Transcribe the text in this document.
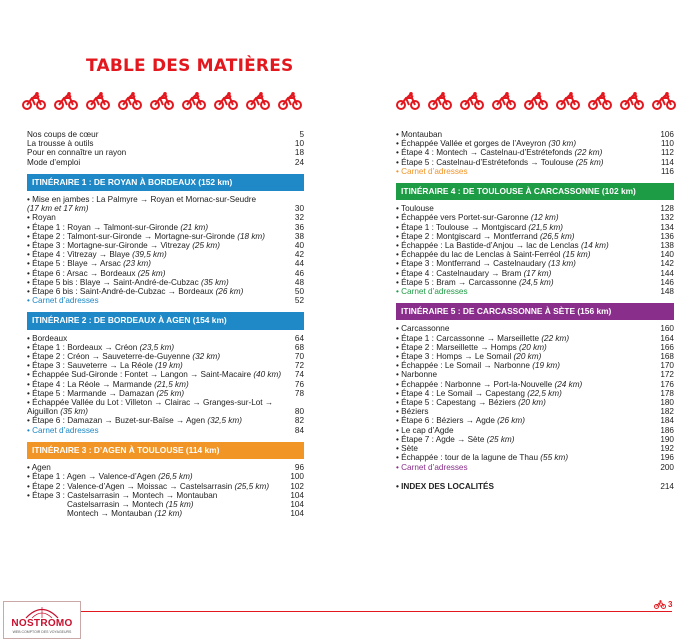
TABLE DES MATIÈRES
Nos coups de cœur	5
La trousse à outils	10
Pour en connaître un rayon	18
Mode d’emploi	24
ITINÉRAIRE 1 : DE ROYAN À BORDEAUX (152 km)
• Mise en jambes : La Palmyre → Royan et Mornac-sur-Seudre
(17 km et 17 km)	30
• Royan	32
• Étape 1 : Royan → Talmont-sur-Gironde (21 km)	36
• Étape 2 : Talmont-sur-Gironde → Mortagne-sur-Gironde (18 km)	38
• Étape 3 : Mortagne-sur-Gironde → Vitrezay (25 km)	40
• Étape 4 : Vitrezay → Blaye (39,5 km)	42
• Étape 5 : Blaye → Arsac (23 km)	44
• Étape 6 : Arsac → Bordeaux (25 km)	46
• Étape 5 bis : Blaye → Saint-André-de-Cubzac (35 km)	48
• Étape 6 bis : Saint-André-de-Cubzac → Bordeaux (26 km)	50
• Carnet d’adresses	52
ITINÉRAIRE 2 : DE BORDEAUX À AGEN (154 km)
• Bordeaux	64
• Étape 1 : Bordeaux → Créon (23,5 km)	68
• Étape 2 : Créon → Sauveterre-de-Guyenne (32 km)	70
• Étape 3 : Sauveterre → La Réole (19 km)	72
• Échappée Sud-Gironde : Fontet → Langon → Saint-Macaire (40 km)	74
• Étape 4 : La Réole → Marmande (21,5 km)	76
• Étape 5 : Marmande → Damazan (25 km)	78
• Échappée Vallée du Lot : Villeton → Clairac → Granges-sur-Lot →
Aiguillon (35 km)	80
• Étape 6 : Damazan → Buzet-sur-Baïse → Agen (32,5 km)	82
• Carnet d’adresses	84
ITINÉRAIRE 3 : D’AGEN À TOULOUSE (114 km)
• Agen	96
• Étape 1 : Agen → Valence-d’Agen (26,5 km)	100
• Étape 2 : Valence-d’Agen → Moissac → Castelsarrasin (25,5 km)	102
• Étape 3 : Castelsarrasin → Montech → Montauban	104
Castelsarrasin → Montech (15 km)	104
Montech → Montauban (12 km)	104
• Montauban	106
• Échappée Vallée et gorges de l’Aveyron (30 km)	110
• Étape 4 : Montech → Castelnau-d’Estrétefonds (22 km)	112
• Étape 5 : Castelnau-d’Estrétefonds → Toulouse (25 km)	114
• Carnet d’adresses	116
ITINÉRAIRE 4 : DE TOULOUSE À CARCASSONNE (102 km)
• Toulouse	128
• Échappée vers Portet-sur-Garonne (12 km)	132
• Étape 1 : Toulouse → Montgiscard (21,5 km)	134
• Étape 2 : Montgiscard → Montferrand (26,5 km)	136
• Échappée : La Bastide-d’Anjou → lac de Lenclas (14 km)	138
• Échappée du lac de Lenclas à Saint-Ferréol (15 km)	140
• Étape 3 : Montferrand → Castelnaudary (13 km)	142
• Étape 4 : Castelnaudary → Bram (17 km)	144
• Étape 5 : Bram → Carcassonne (24,5 km)	146
• Carnet d’adresses	148
ITINÉRAIRE 5 : DE CARCASSONNE À SÈTE (156 km)
• Carcassonne	160
• Étape 1 : Carcassonne → Marseillette (22 km)	164
• Étape 2 : Marseillette → Homps (20 km)	166
• Étape 3 : Homps → Le Somail (20 km)	168
• Échappée : Le Somail → Narbonne (19 km)	170
• Narbonne	172
• Échappée : Narbonne → Port-la-Nouvelle (24 km)	176
• Étape 4 : Le Somail → Capestang (22,5 km)	178
• Étape 5 : Capestang → Béziers (20 km)	180
• Béziers	182
• Étape 6 : Béziers → Agde (26 km)	184
• Le cap d’Agde	186
• Étape 7 : Agde → Sète (25 km)	190
• Sète	192
• Échappée : tour de la lagune de Thau (55 km)	196
• Carnet d’adresses	200
• INDEX DES LOCALITÉS	214
NOSTROMO
WEB COMPTOIR DES VOYAGEURS
3
